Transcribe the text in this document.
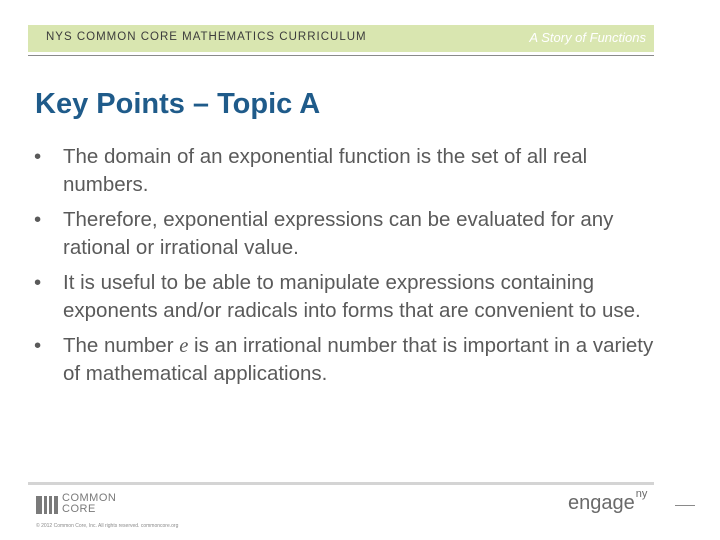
NYS COMMON CORE MATHEMATICS CURRICULUM	A Story of Functions
Key Points – Topic A
• The domain of an exponential function is the set of all real numbers.
• Therefore, exponential expressions can be evaluated for any rational or irrational value.
• It is useful to be able to manipulate expressions containing exponents and/or radicals into forms that are convenient to use.
• The number e is an irrational number that is important in a variety of mathematical applications.
COMMON
CORE
© 2012 Common Core, Inc. All rights reserved. commoncore.org
engage$^{ny}$
